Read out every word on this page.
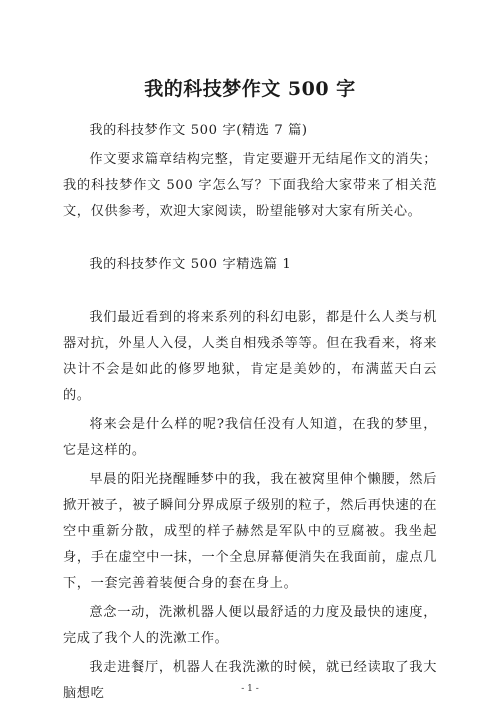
我的科技梦作文 500 字

我的科技梦作文 500 字(精选 7 篇)

作文要求篇章结构完整，肯定要避开无结尾作文的消失；我的科技梦作文 500 字怎么写？下面我给大家带来了相关范文，仅供参考，欢迎大家阅读，盼望能够对大家有所关心。

我的科技梦作文 500 字精选篇 1

我们最近看到的将来系列的科幻电影，都是什么人类与机器对抗，外星人入侵，人类自相残杀等等。但在我看来，将来决计不会是如此的修罗地狱，肯定是美妙的，布满蓝天白云的。

将来会是什么样的呢?我信任没有人知道，在我的梦里，它是这样的。

早晨的阳光挠醒睡梦中的我，我在被窝里伸个懒腰，然后掀开被子，被子瞬间分界成原子级别的粒子，然后再快速的在空中重新分散，成型的样子赫然是军队中的豆腐被。我坐起身，手在虚空中一抹，一个全息屏幕便消失在我面前，虚点几下，一套完善着装便合身的套在身上。

意念一动，洗漱机器人便以最舒适的力度及最快的速度，完成了我个人的洗漱工作。

我走进餐厅，机器人在我洗漱的时候，就已经读取了我大脑想吃	- 1 -
